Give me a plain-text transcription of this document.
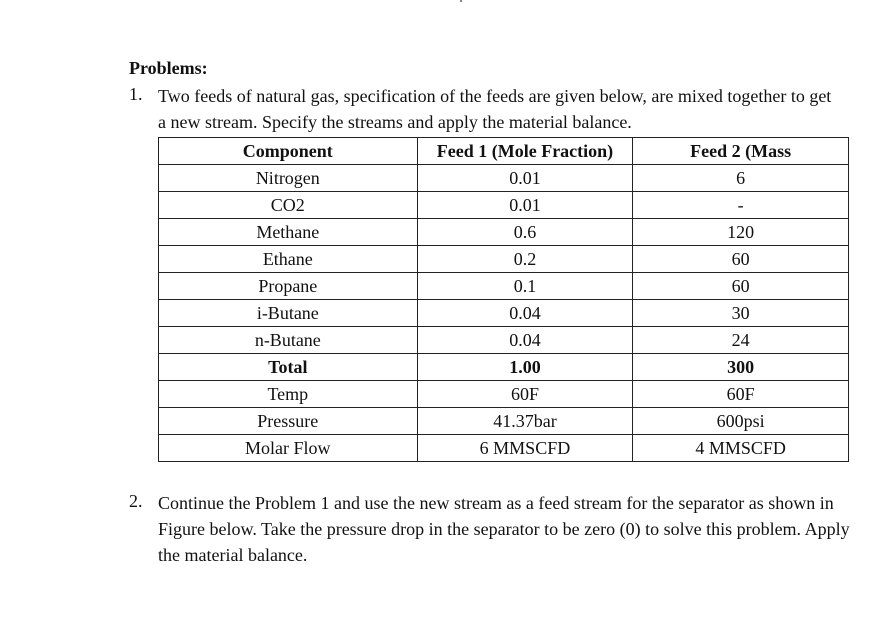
Problems:
1. Two feeds of natural gas, specification of the feeds are given below, are mixed together to get a new stream. Specify the streams and apply the material balance.
Component	Feed 1 (Mole Fraction)	Feed 2 (Mass
Nitrogen	0.01	6
CO2	0.01	-
Methane	0.6	120
Ethane	0.2	60
Propane	0.1	60
i-Butane	0.04	30
n-Butane	0.04	24
Total	1.00	300
Temp	60F	60F
Pressure	41.37bar	600psi
Molar Flow	6 MMSCFD	4 MMSCFD
2. Continue the Problem 1 and use the new stream as a feed stream for the separator as shown in Figure below. Take the pressure drop in the separator to be zero (0) to solve this problem. Apply the material balance.
